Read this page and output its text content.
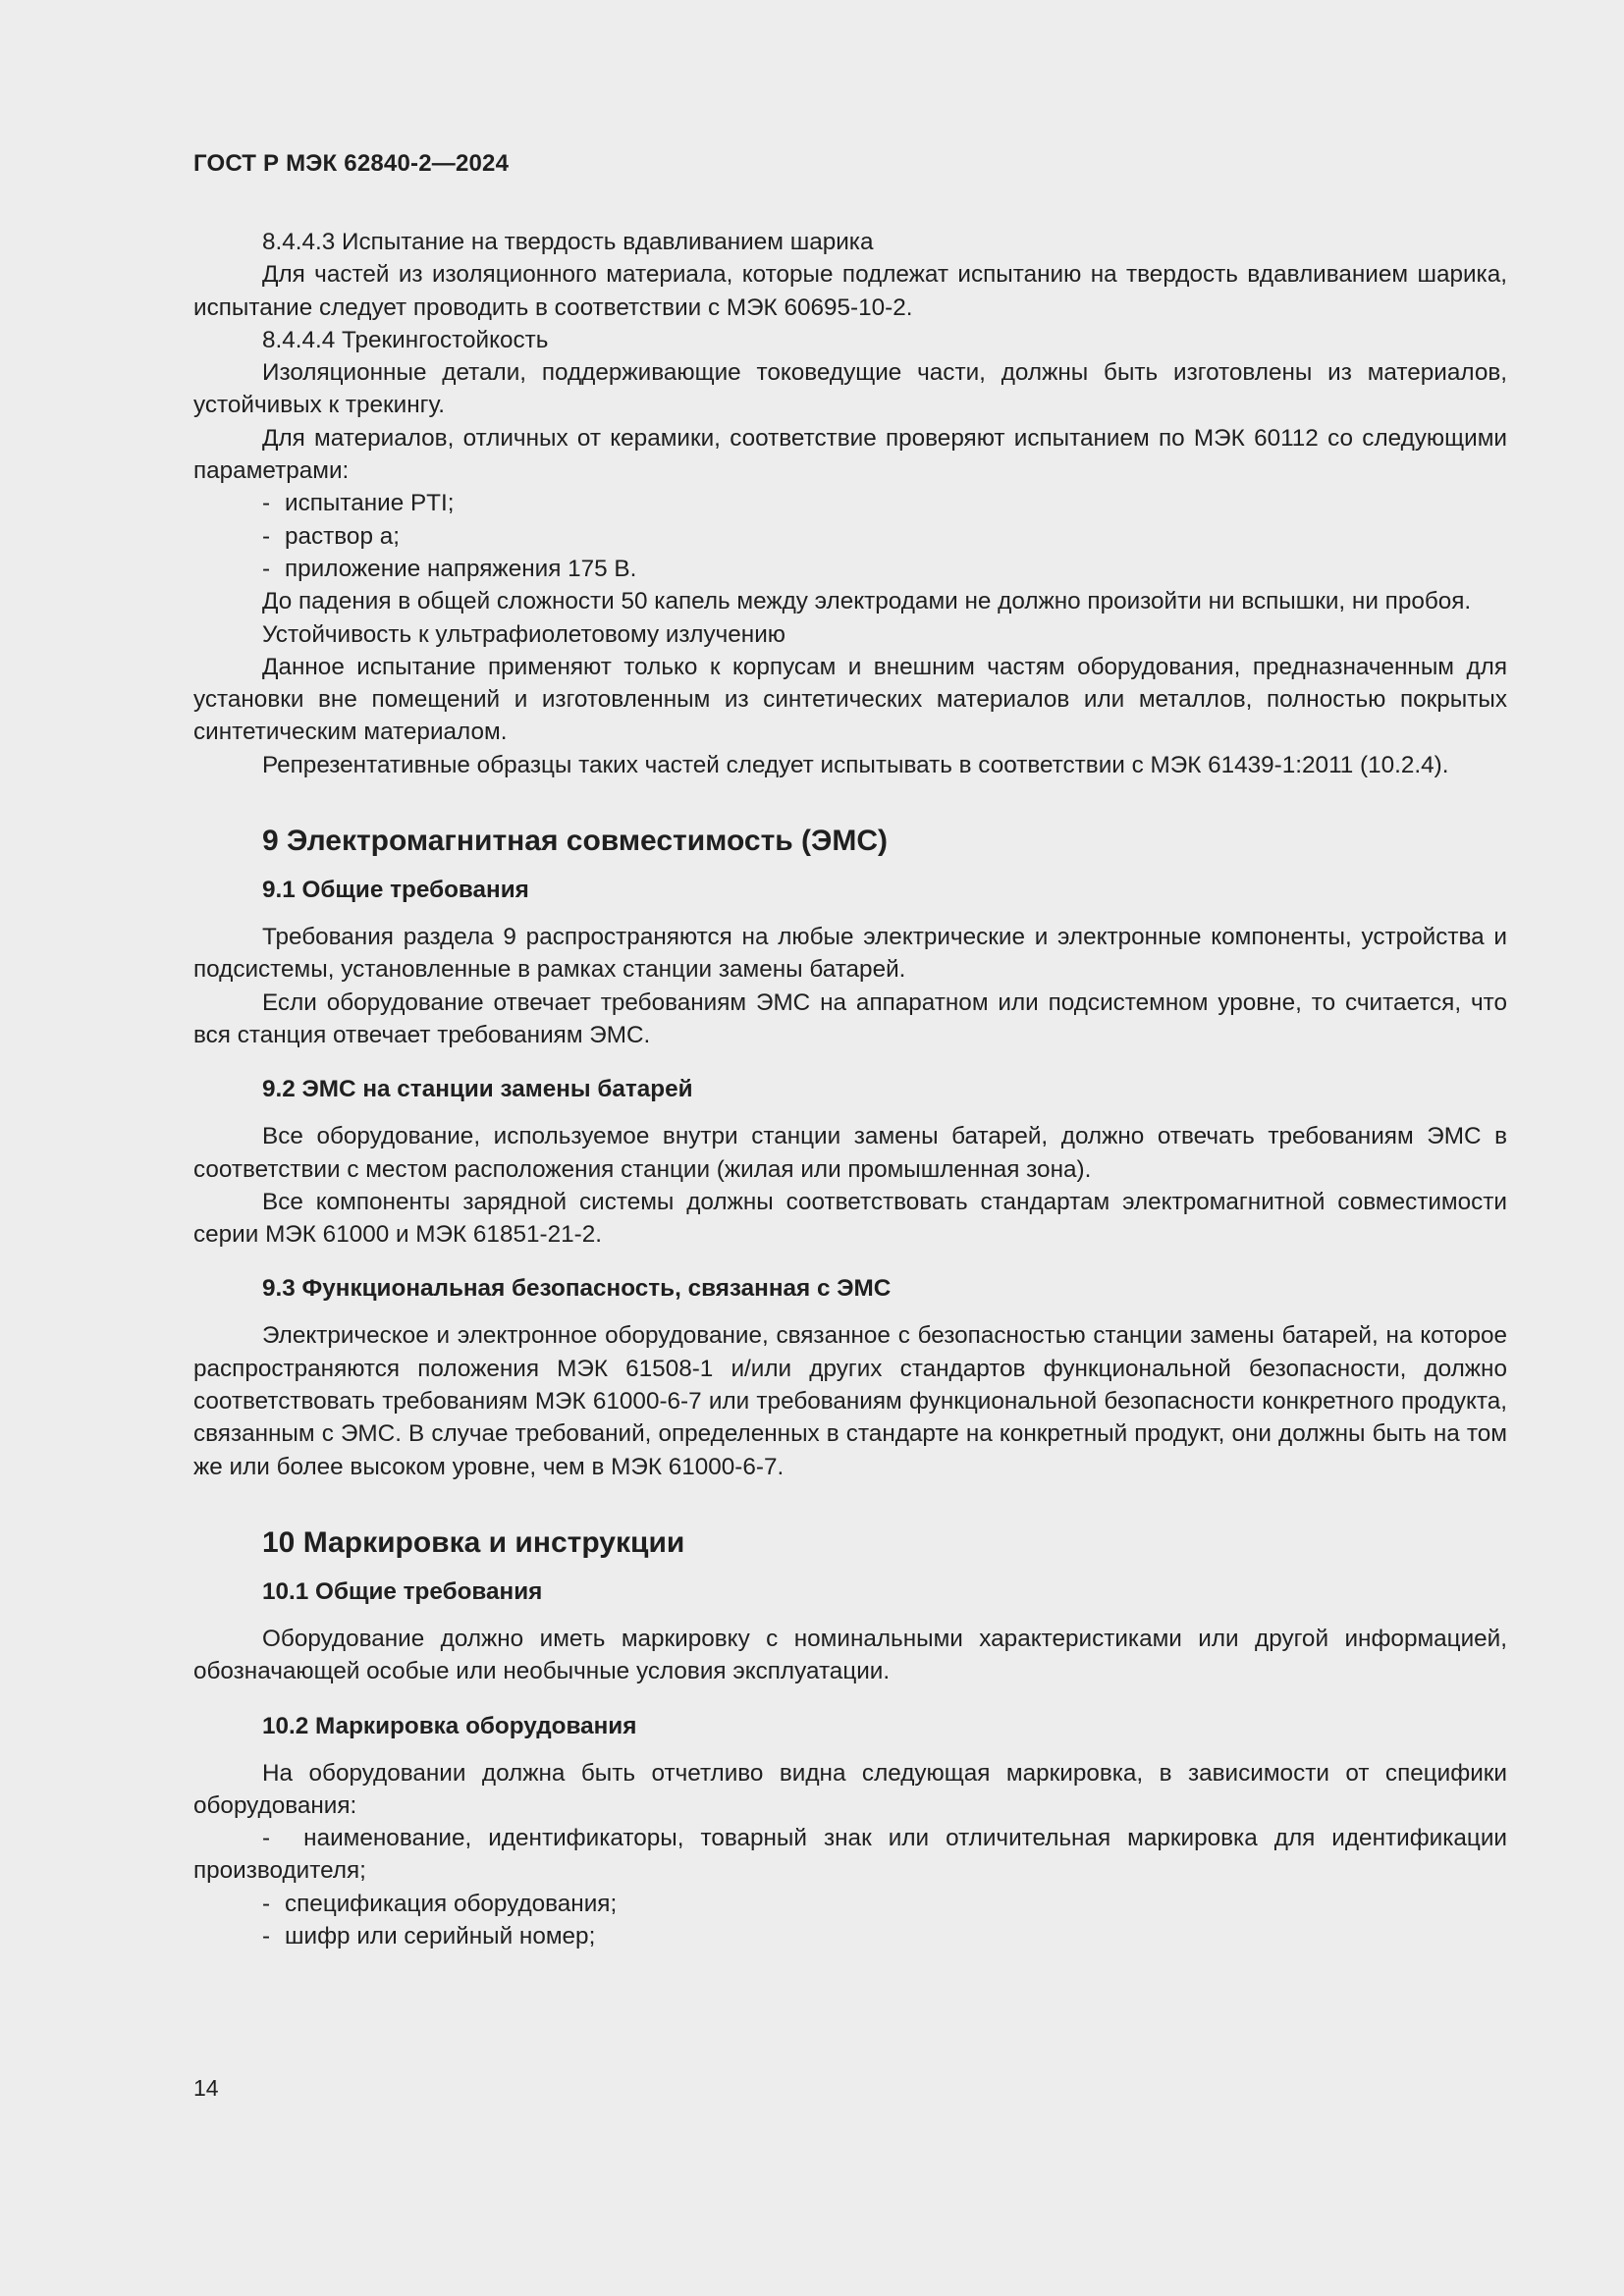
ГОСТ Р МЭК 62840-2—2024

8.4.4.3 Испытание на твердость вдавливанием шарика

Для частей из изоляционного материала, которые подлежат испытанию на твердость вдавливанием шарика, испытание следует проводить в соответствии с МЭК 60695-10-2.

8.4.4.4 Трекингостойкость

Изоляционные детали, поддерживающие токоведущие части, должны быть изготовлены из материалов, устойчивых к трекингу.

Для материалов, отличных от керамики, соответствие проверяют испытанием по МЭК 60112 со следующими параметрами:

- испытание PTI;
- раствор а;
- приложение напряжения 175 В.

До падения в общей сложности 50 капель между электродами не должно произойти ни вспышки, ни пробоя.

Устойчивость к ультрафиолетовому излучению

Данное испытание применяют только к корпусам и внешним частям оборудования, предназначенным для установки вне помещений и изготовленным из синтетических материалов или металлов, полностью покрытых синтетическим материалом.

Репрезентативные образцы таких частей следует испытывать в соответствии с МЭК 61439-1:2011 (10.2.4).

9 Электромагнитная совместимость (ЭМС)
9.1 Общие требования

Требования раздела 9 распространяются на любые электрические и электронные компоненты, устройства и подсистемы, установленные в рамках станции замены батарей.

Если оборудование отвечает требованиям ЭМС на аппаратном или подсистемном уровне, то считается, что вся станция отвечает требованиям ЭМС.

9.2 ЭМС на станции замены батарей

Все оборудование, используемое внутри станции замены батарей, должно отвечать требованиям ЭМС в соответствии с местом расположения станции (жилая или промышленная зона).

Все компоненты зарядной системы должны соответствовать стандартам электромагнитной совместимости серии МЭК 61000 и МЭК 61851-21-2.

9.3 Функциональная безопасность, связанная с ЭМС

Электрическое и электронное оборудование, связанное с безопасностью станции замены батарей, на которое распространяются положения МЭК 61508-1 и/или других стандартов функциональной безопасности, должно соответствовать требованиям МЭК 61000-6-7 или требованиям функциональной безопасности конкретного продукта, связанным с ЭМС. В случае требований, определенных в стандарте на конкретный продукт, они должны быть на том же или более высоком уровне, чем в МЭК 61000-6-7.

10 Маркировка и инструкции
10.1 Общие требования

Оборудование должно иметь маркировку с номинальными характеристиками или другой информацией, обозначающей особые или необычные условия эксплуатации.

10.2 Маркировка оборудования

На оборудовании должна быть отчетливо видна следующая маркировка, в зависимости от специфики оборудования:

-  наименование, идентификаторы, товарный знак или отличительная маркировка для идентификации производителя;

- спецификация оборудования;
- шифр или серийный номер;
14
